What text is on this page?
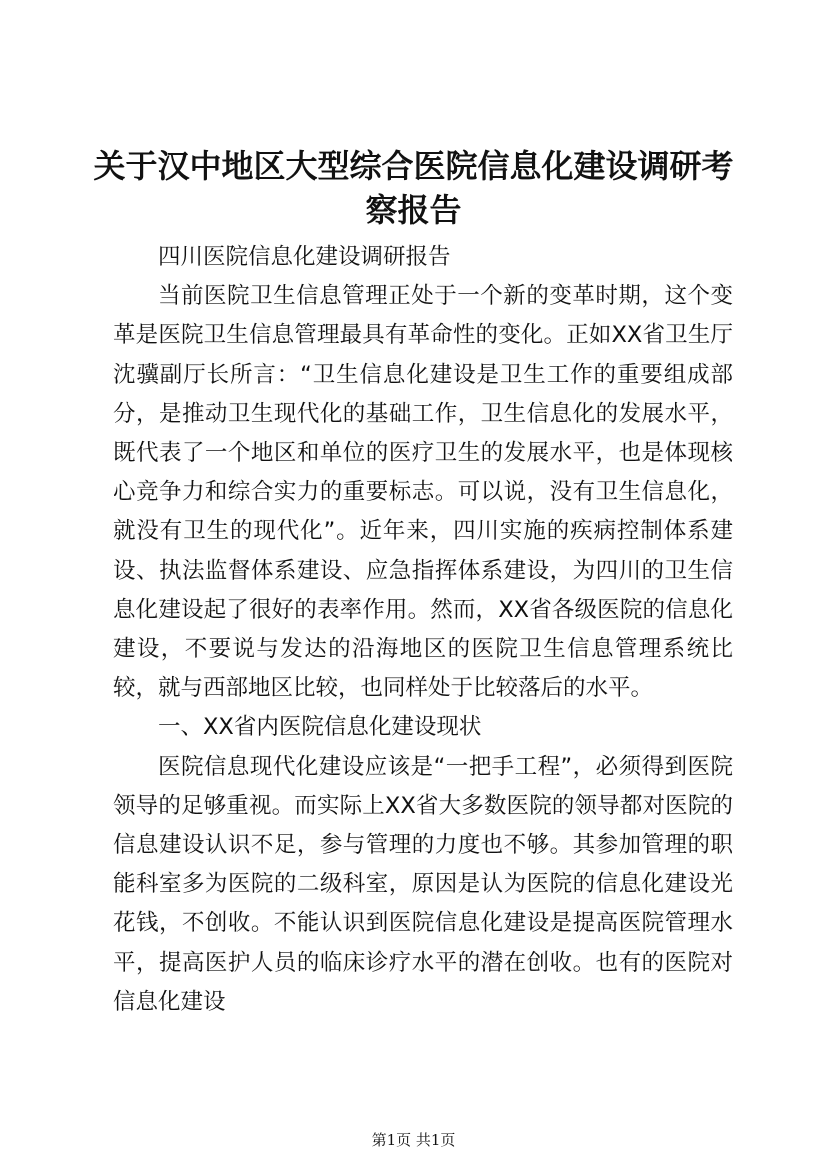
关于汉中地区大型综合医院信息化建设调研考
察报告

四川医院信息化建设调研报告

当前医院卫生信息管理正处于一个新的变革时期，这个变革是医院卫生信息管理最具有革命性的变化。正如XX省卫生厅沈骥副厅长所言：“卫生信息化建设是卫生工作的重要组成部分，是推动卫生现代化的基础工作，卫生信息化的发展水平，既代表了一个地区和单位的医疗卫生的发展水平，也是体现核心竞争力和综合实力的重要标志。可以说，没有卫生信息化，就没有卫生的现代化”。近年来，四川实施的疾病控制体系建设、执法监督体系建设、应急指挥体系建设，为四川的卫生信息化建设起了很好的表率作用。然而，XX省各级医院的信息化建设，不要说与发达的沿海地区的医院卫生信息管理系统比较，就与西部地区比较，也同样处于比较落后的水平。

一、XX省内医院信息化建设现状

医院信息现代化建设应该是“一把手工程”，必须得到医院领导的足够重视。而实际上XX省大多数医院的领导都对医院的信息建设认识不足，参与管理的力度也不够。其参加管理的职能科室多为医院的二级科室，原因是认为医院的信息化建设光花钱，不创收。不能认识到医院信息化建设是提高医院管理水平，提高医护人员的临床诊疗水平的潜在创收。也有的医院对信息化建设

第1页 共1页
